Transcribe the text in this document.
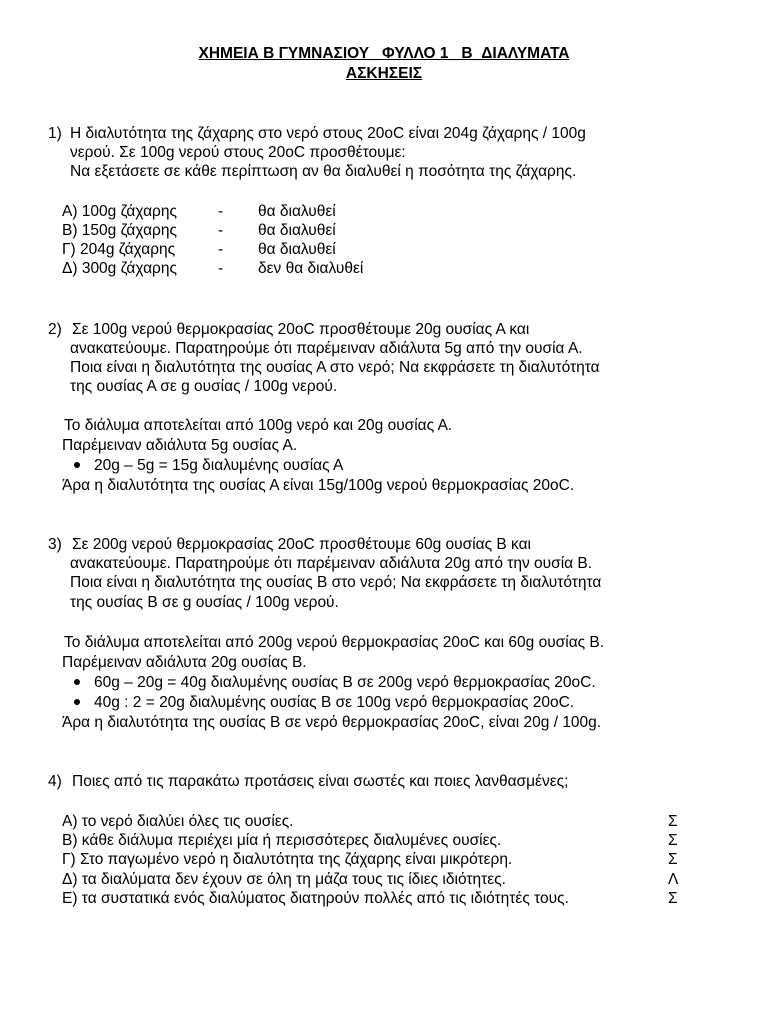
ΧΗΜΕΙΑ Β ΓΥΜΝΑΣΙΟΥ_ ΦΥΛΛΟ 1_ Β_ΔΙΑΛΥΜΑΤΑ
ΑΣΚΗΣΕΙΣ
1) Η διαλυτότητα της ζάχαρης στο νερό στους 20oC είναι 204g ζάχαρης / 100g
νερού. Σε 100g νερού στους 20oC προσθέτουμε:
Να εξετάσετε σε κάθε περίπτωση αν θα διαλυθεί η ποσότητα της ζάχαρης.
Α) 100g ζάχαρης	- θα διαλυθεί
Β) 150g ζάχαρης	- θα διαλυθεί
Γ) 204g ζάχαρης	- θα διαλυθεί
Δ) 300g ζάχαρης	- δεν θα διαλυθεί
2) Σε 100g νερού θερμοκρασίας 20oC προσθέτουμε 20g ουσίας Α και
ανακατεύουμε. Παρατηρούμε ότι παρέμειναν αδιάλυτα 5g από την ουσία Α.
Ποια είναι η διαλυτότητα της ουσίας Α στο νερό; Να εκφράσετε τη διαλυτότητα
της ουσίας Α σε g ουσίας / 100g νερού.
Το διάλυμα αποτελείται από 100g νερό και 20g ουσίας Α.
Παρέμειναν αδιάλυτα 5g ουσίας Α.
20g – 5g = 15g διαλυμένης ουσίας Α
Άρα η διαλυτότητα της ουσίας Α είναι 15g/100g νερού θερμοκρασίας 20oC.
3) Σε 200g νερού θερμοκρασίας 20oC προσθέτουμε 60g ουσίας Β και
ανακατεύουμε. Παρατηρούμε ότι παρέμειναν αδιάλυτα 20g από την ουσία Β.
Ποια είναι η διαλυτότητα της ουσίας Β στο νερό; Να εκφράσετε τη διαλυτότητα
της ουσίας Β σε g ουσίας / 100g νερού.
Το διάλυμα αποτελείται από 200g νερού θερμοκρασίας 20oC και 60g ουσίας Β.
Παρέμειναν αδιάλυτα 20g ουσίας Β.
60g – 20g = 40g διαλυμένης ουσίας Β σε 200g νερό θερμοκρασίας 20oC.
40g : 2 = 20g διαλυμένης ουσίας Β σε 100g νερό θερμοκρασίας 20oC.
Άρα η διαλυτότητα της ουσίας Β σε νερό θερμοκρασίας 20oC, είναι 20g / 100g.
4) Ποιες από τις παρακάτω προτάσεις είναι σωστές και ποιες λανθασμένες;
Α) το νερό διαλύει όλες τις ουσίες.	Σ
Β) κάθε διάλυμα περιέχει μία ή περισσότερες διαλυμένες ουσίες.	Σ
Γ) Στο παγωμένο νερό η διαλυτότητα της ζάχαρης είναι μικρότερη.	Σ
Δ) τα διαλύματα δεν έχουν σε όλη τη μάζα τους τις ίδιες ιδιότητες.	Λ
Ε) τα συστατικά ενός διαλύματος διατηρούν πολλές από τις ιδιότητές τους.	Σ
